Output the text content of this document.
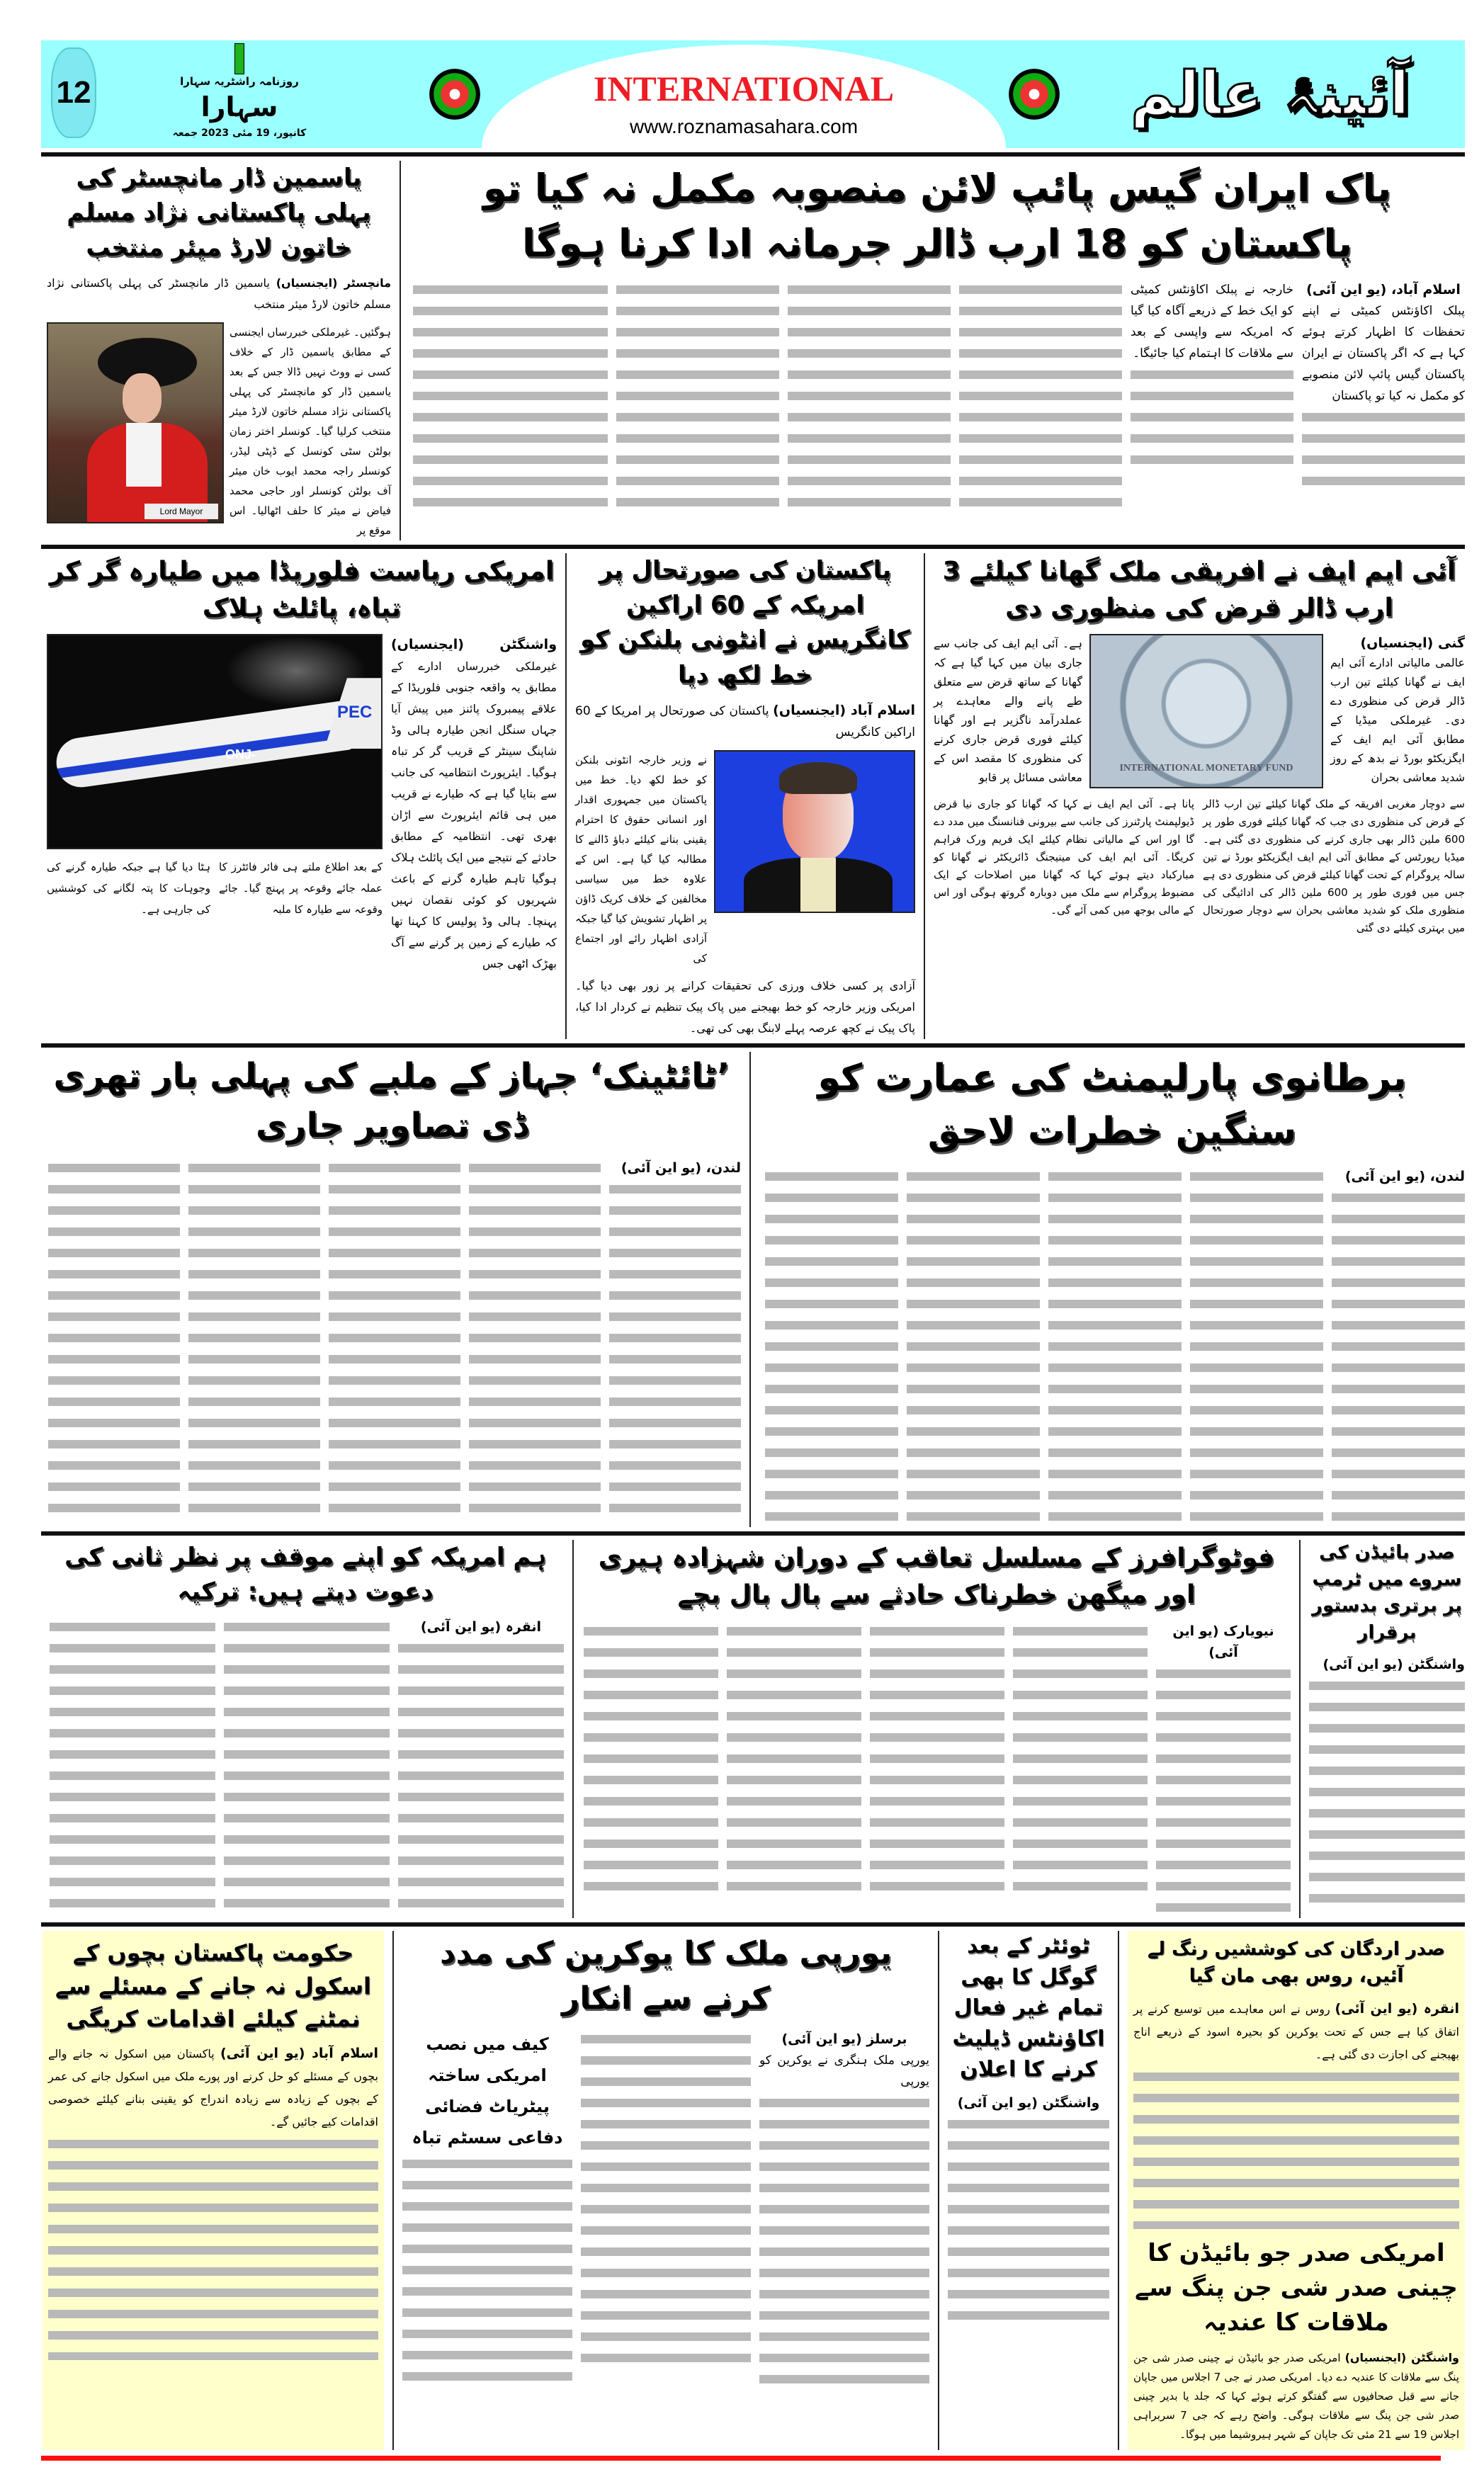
12	روزنامہ راشٹریہ سہارا
سہارا
کانپور، 19 مئی 2023 جمعہ
INTERNATIONAL
www.roznamasahara.com	آئینۂ عالم
پاک ایران گیس پائپ لائن منصوبہ مکمل نہ کیا تو پاکستان کو 18 ارب ڈالر جرمانہ ادا کرنا ہوگا

اسلام آباد، (یو این آئی)

پبلک اکاؤنٹس کمیٹی نے اپنے تحفظات کا اظہار کرتے ہوئے کہا ہے کہ اگر پاکستان نے ایران پاکستان گیس پائپ لائن منصوبے کو مکمل نہ کیا تو پاکستان

خارجہ نے پبلک اکاؤنٹس کمیٹی کو ایک خط کے ذریعے آگاہ کیا گیا کہ امریکہ سے واپسی کے بعد سے ملاقات کا اہتمام کیا جائیگا۔

یاسمین ڈار مانچسٹر کی پہلی پاکستانی نژاد مسلم خاتون لارڈ میئر منتخب

مانچسٹر (ایجنسیاں) یاسمین ڈار مانچسٹر کی پہلی پاکستانی نژاد مسلم خاتون لارڈ میئر منتخب

ہوگئیں۔ غیرملکی خبررساں ایجنسی کے مطابق یاسمین ڈار کے خلاف کسی نے ووٹ نہیں ڈالا جس کے بعد یاسمین ڈار کو مانچسٹر کی پہلی پاکستانی نژاد مسلم خاتون لارڈ میئر منتخب کرلیا گیا۔ کونسلر اختر زمان بولٹن سٹی کونسل کے ڈپٹی لیڈر، کونسلر راجہ محمد ایوب خان میئر آف بولٹن کونسلر اور حاجی محمد فیاض نے میئر کا حلف اٹھالیا۔ اس موقع پر

Lord Mayor
آئی ایم ایف نے افریقی ملک گھانا کیلئے 3 ارب ڈالر قرض کی منظوری دی

گنی (ایجنسیاں)

عالمی مالیاتی ادارے آئی ایم ایف نے گھانا کیلئے تین ارب ڈالر قرض کی منظوری دے دی۔ غیرملکی میڈیا کے مطابق آئی ایم ایف کے ایگزیکٹو بورڈ نے بدھ کے روز شدید معاشی بحران

INTERNATIONAL MONETARY FUND

ہے۔ آئی ایم ایف کی جانب سے جاری بیان میں کہا گیا ہے کہ گھانا کے ساتھ قرض سے متعلق طے پانے والے معاہدے پر عملدرآمد ناگزیر ہے اور گھانا کیلئے فوری قرض جاری کرنے کی منظوری کا مقصد اس کے معاشی مسائل پر قابو

سے دوچار مغربی افریقہ کے ملک گھانا کیلئے تین ارب ڈالر کے قرض کی منظوری دی جب کہ گھانا کیلئے فوری طور پر 600 ملین ڈالر بھی جاری کرنے کی منظوری دی گئی ہے۔ میڈیا رپورٹس کے مطابق آئی ایم ایف ایگزیکٹو بورڈ نے تین سالہ پروگرام کے تحت گھانا کیلئے قرض کی منظوری دی ہے جس میں فوری طور پر 600 ملین ڈالر کی ادائیگی کی منظوری ملک کو شدید معاشی بحران سے دوچار صورتحال میں بہتری کیلئے دی گئی

پانا ہے۔ آئی ایم ایف نے کہا کہ گھانا کو جاری نیا قرض ڈیولپمنٹ پارٹنرز کی جانب سے بیرونی فنانسنگ میں مدد دے گا اور اس کے مالیاتی نظام کیلئے ایک فریم ورک فراہم کریگا۔ آئی ایم ایف کی مینیجنگ ڈائریکٹر نے گھانا کو مبارکباد دیتے ہوئے کہا کہ گھانا میں اصلاحات کے ایک مضبوط پروگرام سے ملک میں دوبارہ گروتھ ہوگی اور اس کے مالی بوجھ میں کمی آئے گی۔

پاکستان کی صورتحال پر امریکہ کے 60 اراکین
کانگریس نے انٹونی بلنکن کو خط لکھ دیا

اسلام آباد (ایجنسیاں) پاکستان کی صورتحال پر امریکا کے 60 اراکین کانگریس

نے وزیر خارجہ انٹونی بلنکن کو خط لکھ دیا۔ خط میں پاکستان میں جمہوری اقدار اور انسانی حقوق کا احترام یقینی بنانے کیلئے دباؤ ڈالنے کا مطالبہ کیا گیا ہے۔ اس کے علاوہ خط میں سیاسی مخالفین کے خلاف کریک ڈاؤن پر اظہار تشویش کیا گیا جبکہ آزادی اظہار رائے اور اجتماع کی

آزادی پر کسی خلاف ورزی کی تحقیقات کرانے پر زور بھی دیا گیا۔ امریکی وزیر خارجہ کو خط بھیجنے میں پاک پیک تنظیم نے کردار ادا کیا، پاک پیک نے کچھ عرصہ پہلے لابنگ بھی کی تھی۔

امریکی ریاست فلوریڈا میں طیارہ گر کر تباہ، پائلٹ ہلاک

واشنگٹن (ایجنسیاں) غیرملکی خبررساں ادارے کے مطابق یہ واقعہ جنوبی فلوریڈا کے علاقے پیمبروک پائنز میں پیش آیا جہاں سنگل انجن طیارہ ہالی وڈ شاپنگ سینٹر کے قریب گر کر تباہ ہوگیا۔ ایئرپورٹ انتظامیہ کی جانب سے بتایا گیا ہے کہ طیارے نے قریب میں ہی قائم ایئرپورٹ سے اڑان بھری تھی۔ انتظامیہ کے مطابق حادثے کے نتیجے میں ایک پائلٹ ہلاک ہوگیا تاہم طیارہ گرنے کے باعث شہریوں کو کوئی نقصان نہیں پہنچا۔ ہالی وڈ پولیس کا کہنا تھا کہ طیارے کے زمین پر گرنے سے آگ بھڑک اٹھی جس

PEC
-ONJ

کے بعد اطلاع ملتے ہی فائر فائٹرز کا عملہ جائے وقوعہ پر پہنچ گیا۔ جائے وقوعہ سے طیارہ کا ملبہ

ہٹا دیا گیا ہے جبکہ طیارہ گرنے کی وجوہات کا پتہ لگانے کی کوششیں کی جارہی ہے۔

برطانوی پارلیمنٹ کی عمارت کو سنگین خطرات لاحق

لندن، (یو این آئی)

’ٹائٹینک‘ جہاز کے ملبے کی پہلی بار تھری ڈی تصاویر جاری

لندن، (یو این آئی)

صدر بائیڈن کی سروے میں ٹرمپ پر برتری بدستور برقرار

واشنگٹن (یو این آئی)

فوٹوگرافرز کے مسلسل تعاقب کے دوران شہزادہ ہیری اور میگھن خطرناک حادثے سے بال بال بچے

نیویارک (یو این آئی)

ہم امریکہ کو اپنے موقف پر نظر ثانی کی دعوت دیتے ہیں: ترکیہ

انقرہ (یو این آئی)

صدر اردگان کی کوششیں رنگ لے آئیں، روس بھی مان گیا

انقرہ (یو این آئی) روس نے اس معاہدے میں توسیع کرنے پر اتفاق کیا ہے جس کے تحت یوکرین کو بحیرہ اسود کے ذریعے اناج بھیجنے کی اجازت دی گئی ہے۔

امریکی صدر جو بائیڈن کا چینی صدر شی جن پنگ سے ملاقات کا عندیہ

واشنگٹن (ایجنسیاں) امریکی صدر جو بائیڈن نے چینی صدر شی جن پنگ سے ملاقات کا عندیہ دے دیا۔ امریکی صدر نے جی 7 اجلاس میں جاپان جانے سے قبل صحافیوں سے گفتگو کرتے ہوئے کہا کہ جلد یا بدیر چینی صدر شی جن پنگ سے ملاقات ہوگی۔ واضح رہے کہ جی 7 سربراہی اجلاس 19 سے 21 مئی تک جاپان کے شہر ہیروشیما میں ہوگا۔

ٹوئٹر کے بعد گوگل کا بھی تمام غیر فعال اکاؤنٹس ڈیلیٹ کرنے کا اعلان

واشنگٹن (یو این آئی)

یورپی ملک کا یوکرین کی مدد کرنے سے انکار

برسلز (یو این آئی)

یورپی ملک ہنگری نے یوکرین کو یورپی

کیف میں نصب امریکی ساختہ پیٹریاٹ فضائی دفاعی سسٹم تباہ

حکومت پاکستان بچوں کے اسکول نہ جانے کے مسئلے سے نمٹنے کیلئے اقدامات کریگی

اسلام آباد (یو این آئی) پاکستان میں اسکول نہ جانے والے بچوں کے مسئلے کو حل کرنے اور پورے ملک میں اسکول جانے کی عمر کے بچوں کے زیادہ سے زیادہ اندراج کو یقینی بنانے کیلئے خصوصی اقدامات کیے جائیں گے۔
